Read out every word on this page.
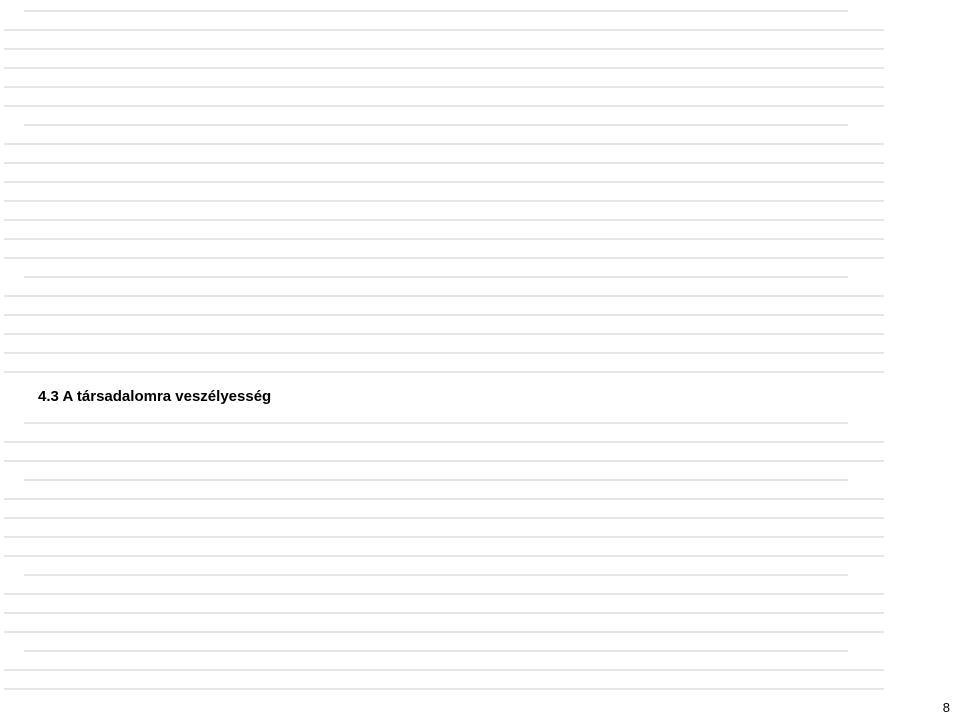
4.3 A társadalomra veszélyesség

8
